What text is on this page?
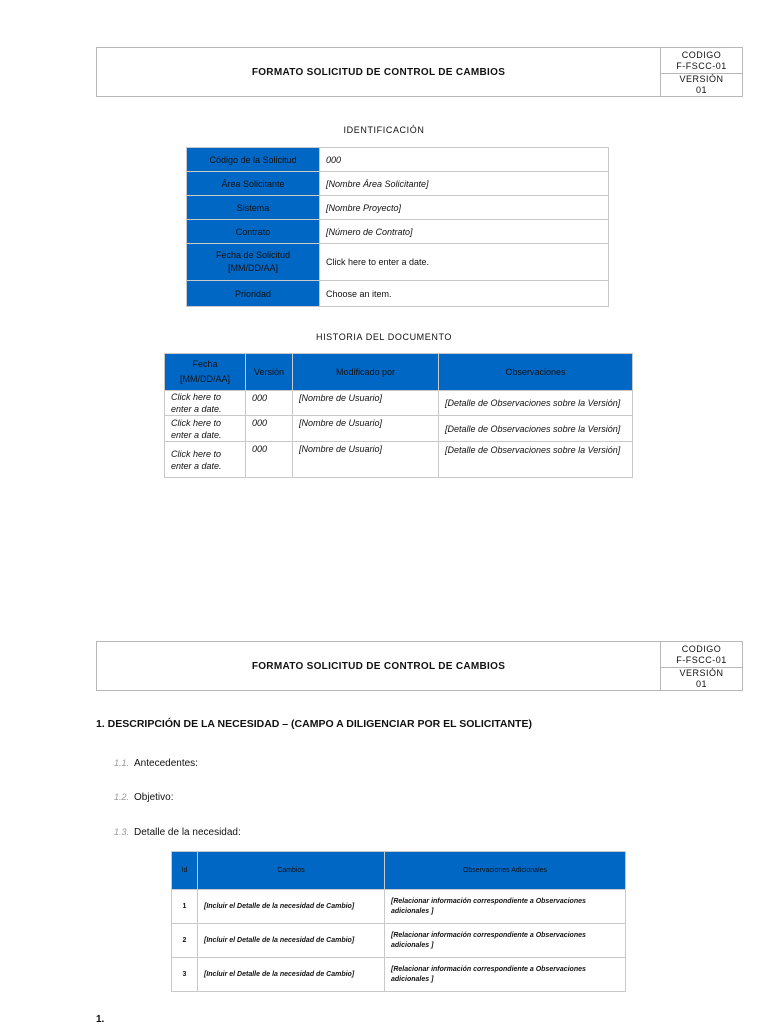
FORMATO SOLICITUD DE CONTROL DE CAMBIOS
CODIGO
F-FSCC-01
VERSIÓN
01
IDENTIFICACIÓN
Código de la Solicitud	000
Área Solicitante	[Nombre Área Solicitante]
Sistema	[Nombre Proyecto]
Contrato	[Número de Contrato]
Fecha de Solicitud
[MM/DD/AA]	Click here to enter a date.
Prioridad	Choose an item.
HISTORIA DEL DOCUMENTO
Fecha
[MM/DD/AA]	Versión	Modificado por	Observaciones
Click here to enter a date.	000	[Nombre de Usuario]	[Detalle de Observaciones sobre la Versión]
Click here to enter a date.	000	[Nombre de Usuario]	[Detalle de Observaciones sobre la Versión]
Click here to enter a date.	000	[Nombre de Usuario]	[Detalle de Observaciones sobre la Versión]
FORMATO SOLICITUD DE CONTROL DE CAMBIOS
CODIGO
F-FSCC-01
VERSIÓN
01
1. DESCRIPCIÓN DE LA NECESIDAD – (CAMPO A DILIGENCIAR POR EL SOLICITANTE)
1.1. Antecedentes:
1.2. Objetivo:
1.3. Detalle de la necesidad:
Id	Cambios	Observaciones Adicionales
1	[Incluir el Detalle de la necesidad de Cambio]	[Relacionar información correspondiente a Observaciones adicionales ]
2	[Incluir el Detalle de la necesidad de Cambio]	[Relacionar información correspondiente a Observaciones adicionales ]
3	[Incluir el Detalle de la necesidad de Cambio]	[Relacionar información correspondiente a Observaciones adicionales ]
1.
